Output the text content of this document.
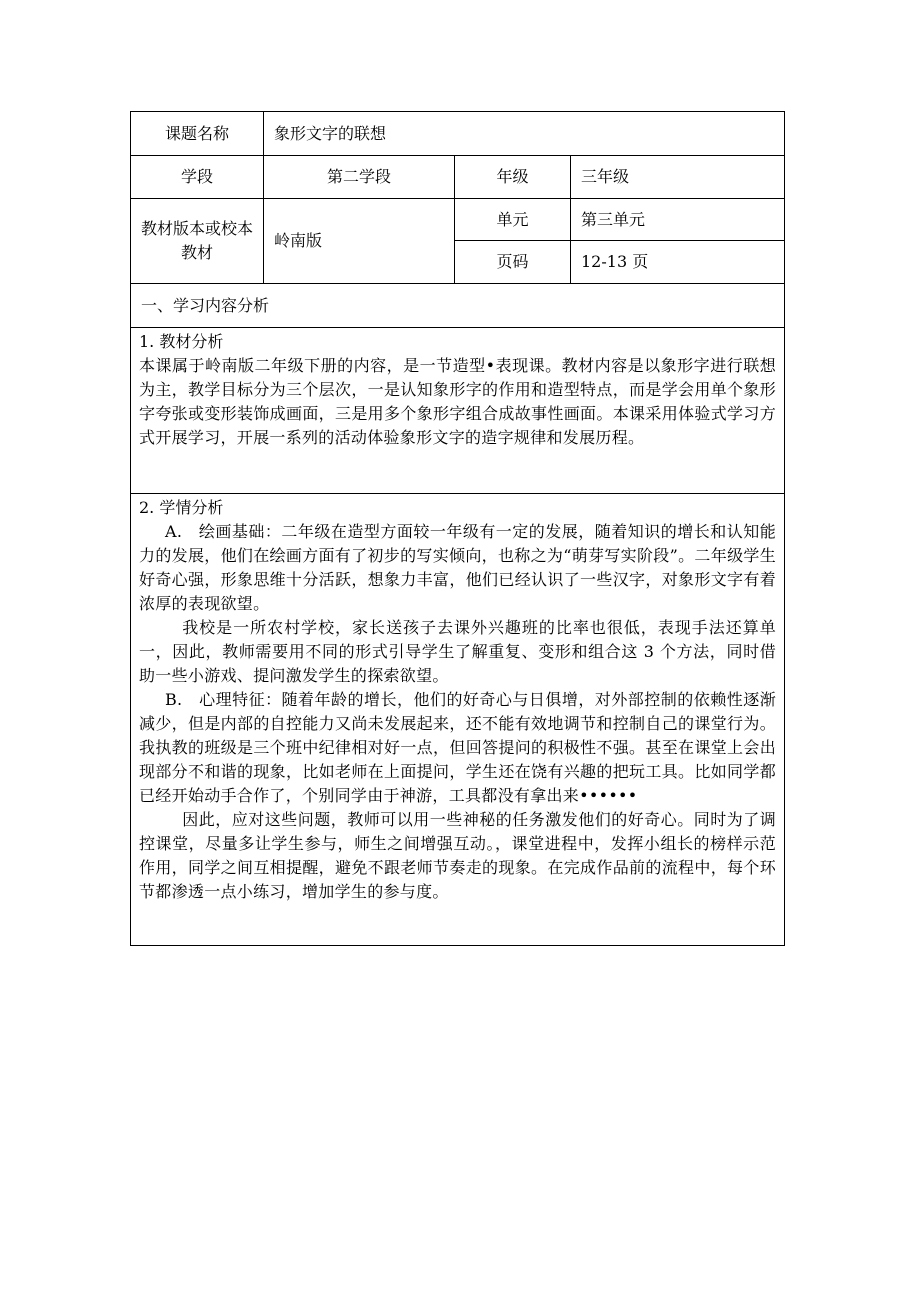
课题名称	象形文字的联想		
学段	第二学段	年级	三年级
教材版本或校本教材	岭南版	单元	第三单元
		页码	12-13 页
一、学习内容分析			

1. 教材分析
本课属于岭南版二年级下册的内容，是一节造型•表现课。教材内容是以象形字进行联想为主，教学目标分为三个层次，一是认知象形字的作用和造型特点，而是学会用单个象形字夸张或变形装饰成画面，三是用多个象形字组合成故事性画面。本课采用体验式学习方式开展学习，开展一系列的活动体验象形文字的造字规律和发展历程。			

2. 学情分析
A.　绘画基础：二年级在造型方面较一年级有一定的发展，随着知识的增长和认知能力的发展，他们在绘画方面有了初步的写实倾向，也称之为“萌芽写实阶段”。二年级学生好奇心强，形象思维十分活跃，想象力丰富，他们已经认识了一些汉字，对象形文字有着浓厚的表现欲望。
我校是一所农村学校，家长送孩子去课外兴趣班的比率也很低，表现手法还算单一，因此，教师需要用不同的形式引导学生了解重复、变形和组合这 3 个方法，同时借助一些小游戏、提问激发学生的探索欲望。
B.　心理特征：随着年龄的增长，他们的好奇心与日俱增，对外部控制的依赖性逐渐减少，但是内部的自控能力又尚未发展起来，还不能有效地调节和控制自己的课堂行为。我执教的班级是三个班中纪律相对好一点，但回答提问的积极性不强。甚至在课堂上会出现部分不和谐的现象，比如老师在上面提问，学生还在饶有兴趣的把玩工具。比如同学都已经开始动手合作了，个别同学由于神游，工具都没有拿出来••••••
因此，应对这些问题，教师可以用一些神秘的任务激发他们的好奇心。同时为了调控课堂，尽量多让学生参与，师生之间增强互动。，课堂进程中，发挥小组长的榜样示范作用，同学之间互相提醒，避免不跟老师节奏走的现象。在完成作品前的流程中，每个环节都渗透一点小练习，增加学生的参与度。			
